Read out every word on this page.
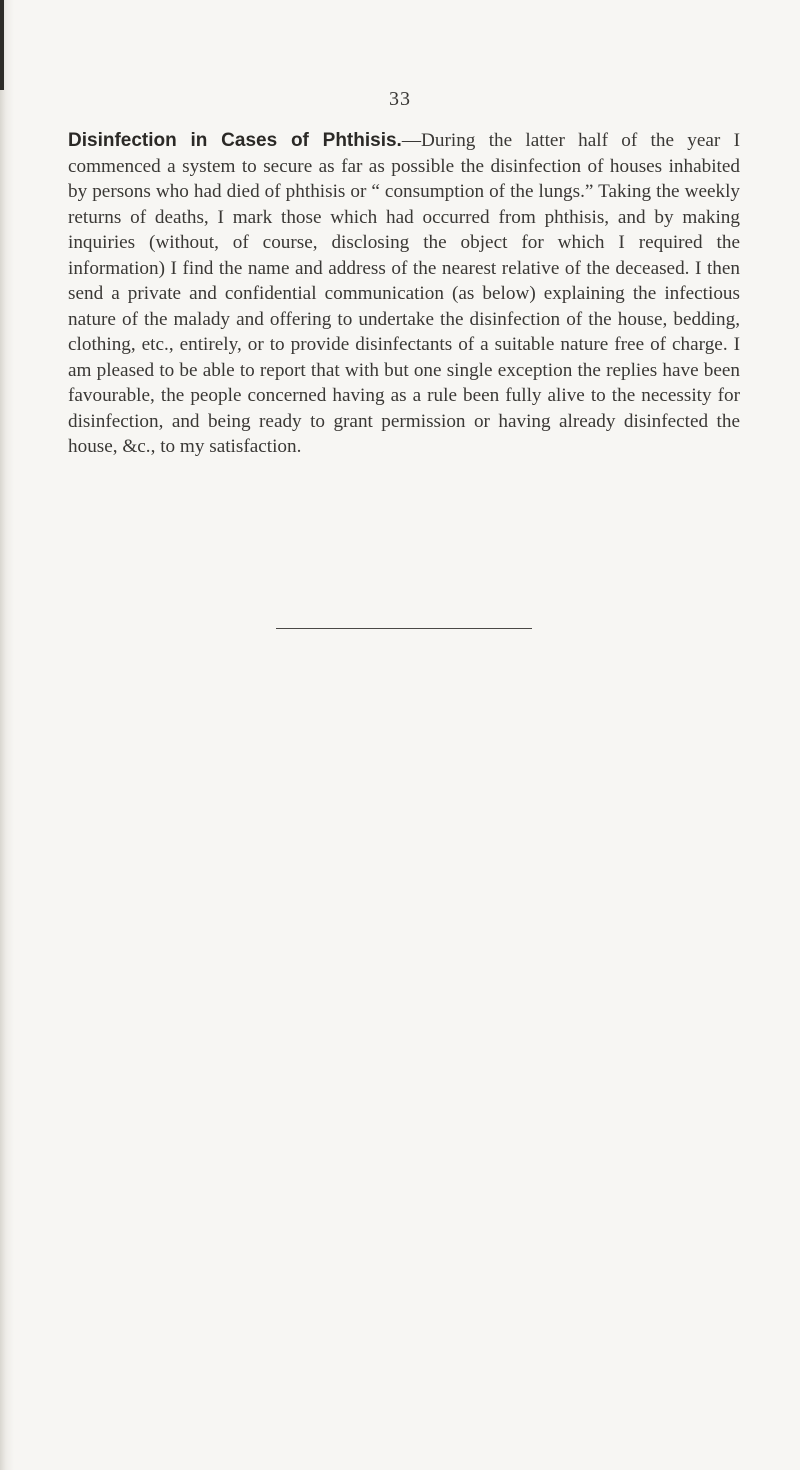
33

Disinfection in Cases of Phthisis.—During the latter half of the year I commenced a system to secure as far as possible the disinfection of houses inhabited by persons who had died of phthisis or “ consumption of the lungs.” Taking the weekly returns of deaths, I mark those which had occurred from phthisis, and by making inquiries (without, of course, disclosing the object for which I required the information) I find the name and address of the nearest relative of the deceased. I then send a private and confidential communication (as below) explaining the infectious nature of the malady and offering to undertake the disinfection of the house, bedding, clothing, etc., entirely, or to provide disinfectants of a suitable nature free of charge. I am pleased to be able to report that with but one single exception the replies have been favourable, the people concerned having as a rule been fully alive to the necessity for disinfection, and being ready to grant permission or having already disinfected the house, &c., to my satisfaction.
